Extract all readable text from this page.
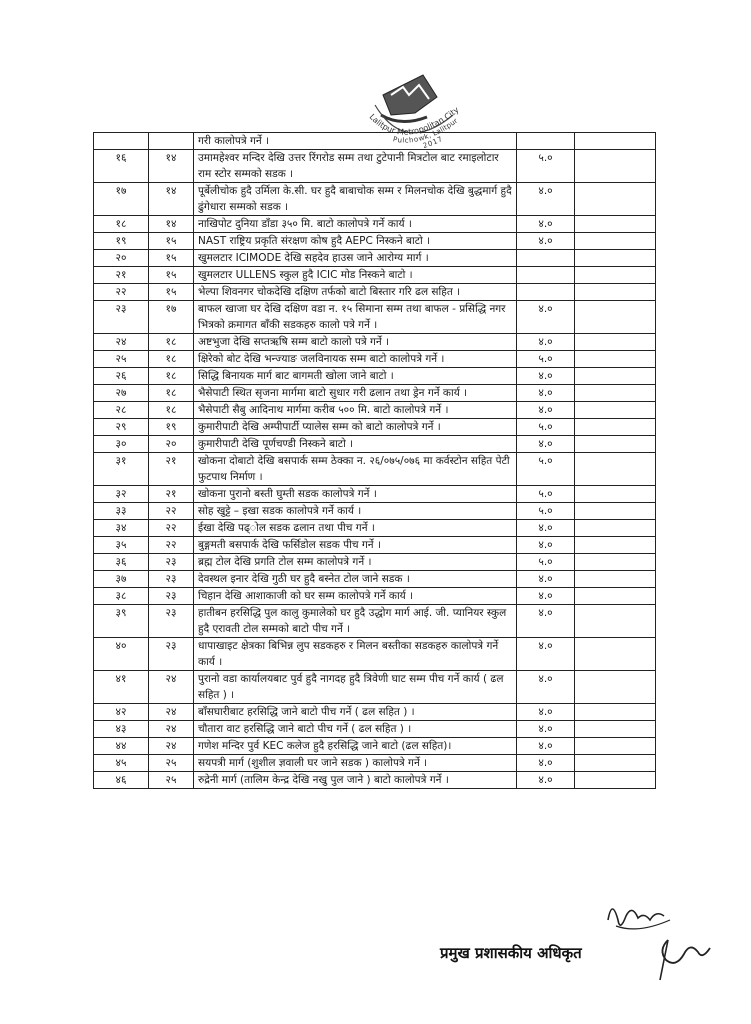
Lalitpur Metropolitan City
Pulchowk, Lalitpur
2017
		गरी कालोपत्रे गर्ने ।		
१६	१४	उमामहेश्वर मन्दिर देखि उत्तर रिंगरोड सम्म तथा टुटेपानी मित्रटोल बाट रमाइलोटार राम स्टोर सम्मको सडक ।	५.०	
१७	१४	पूर्बेलीचोक हुदै उर्मिला के.सी. घर हुदै बाबाचोक सम्म र मिलनचोक देखि बुद्धमार्ग हुदै ढुंगेधारा सम्मको सडक ।	४.०	
१८	१४	नाखिपोट दुनिया डाँडा ३५० मि. बाटो कालोपत्रे गर्ने कार्य ।	४.०	
१९	१५	NAST राष्ट्रिय प्रकृति संरक्षण कोष हुदै AEPC निस्कने बाटो ।	४.०	
२०	१५	खुमलटार ICIMODE देखि सहदेव हाउस जाने आरोग्य मार्ग ।		
२१	१५	खुमलटार ULLENS स्कुल हुदै ICIC मोड निस्कने बाटो ।		
२२	१५	भेल्पा शिवनगर चोकदेखि दक्षिण तर्फको बाटो बिस्तार गरि ढल सहित ।		
२३	१७	बाफल खाजा घर देखि दक्षिण वडा न. १५ सिमाना सम्म तथा बाफल - प्रसिद्धि नगर भित्रको क्रमागत बाँकी सडकहरु कालो पत्रे गर्ने ।	४.०	
२४	१८	अष्टभुजा देखि सप्तऋषि सम्म बाटो कालो पत्रे गर्ने ।	४.०	
२५	१८	क्षिरेको बोट देखि भन्ज्याङ जलविनायक सम्म बाटो कालोपत्रे गर्ने ।	५.०	
२६	१८	सिद्धि बिनायक मार्ग बाट बागमती खोला जाने बाटो ।	४.०	
२७	१८	भैसेपाटी स्थित सृजना मार्गमा बाटो सुधार गरी ढलान तथा ड्रेन गर्ने कार्य ।	४.०	
२८	१८	भैसेपाटी सैबु आदिनाथ मार्गमा करीब ५०० मि. बाटो कालोपत्रे गर्ने ।	४.०	
२९	१९	कुमारीपाटी देखि अम्पीपार्टी प्यालेस सम्म को बाटो कालोपत्रे गर्ने ।	५.०	
३०	२०	कुमारीपाटी देखि पूर्णचण्डी निस्कने बाटो ।	४.०	
३१	२१	खोकना दोबाटो देखि बसपार्क सम्म ठेक्का न. २६/०७५/०७६ मा कर्वस्टोन सहित पेटी फुटपाथ निर्माण ।	५.०	
३२	२१	खोकना पुरानो बस्ती घुम्ती सडक कालोपत्रे गर्ने ।	५.०	
३३	२२	सोह खुट्टे – इखा सडक कालोपत्रे गर्ने कार्य ।	५.०	
३४	२२	ईखा देखि पढ्ोल सडक ढलान तथा पीच गर्ने ।	४.०	
३५	२२	बुङ्गमती बसपार्क देखि फर्सिडोल सडक पीच गर्ने ।	४.०	
३६	२३	ब्रह्म टोल देखि प्रगति टोल सम्म कालोपत्रे गर्ने ।	५.०	
३७	२३	देवस्थल इनार देखि गुठी घर हुदै बस्नेत टोल जाने सडक ।	४.०	
३८	२३	चिहान देखि आशाकाजी को घर सम्म कालोपत्रे गर्ने कार्य ।	४.०	
३९	२३	हातीबन हरसिद्धि पुल कालु कुमालेको घर हुदै उद्धोग मार्ग आई. जी. प्यानियर स्कुल हुदै एरावती टोल सम्मको बाटो पीच गर्ने ।	४.०	
४०	२३	धापाखाइट क्षेत्रका बिभिन्न लुप सडकहरु र मिलन बस्तीका सडकहरु कालोपत्रे गर्ने कार्य ।	४.०	
४१	२४	पुरानो वडा कार्यालयबाट पुर्व हुदै नागदह हुदै त्रिवेणी घाट सम्म पीच गर्ने कार्य ( ढल सहित ) ।	४.०	
४२	२४	बाँसघारीबाट हरसिद्धि जाने बाटो पीच गर्ने ( ढल सहित ) ।	४.०	
४३	२४	चौतारा वाट हरसिद्धि जाने बाटो पीच गर्ने ( ढल सहित ) ।	४.०	
४४	२४	गणेश मन्दिर पुर्व KEC कलेज हुदै हरसिद्धि जाने बाटो (ढल सहित)।	४.०	
४५	२५	सयपत्री मार्ग (शुशील ज्ञवाली घर जाने सडक ) कालोपत्रे गर्ने ।	४.०	
४६	२५	रुद्रेनी मार्ग (तालिम केन्द्र देखि नखु पुल जाने ) बाटो कालोपत्रे गर्ने ।	४.०	
प्रमुख प्रशासकीय अधिकृत
